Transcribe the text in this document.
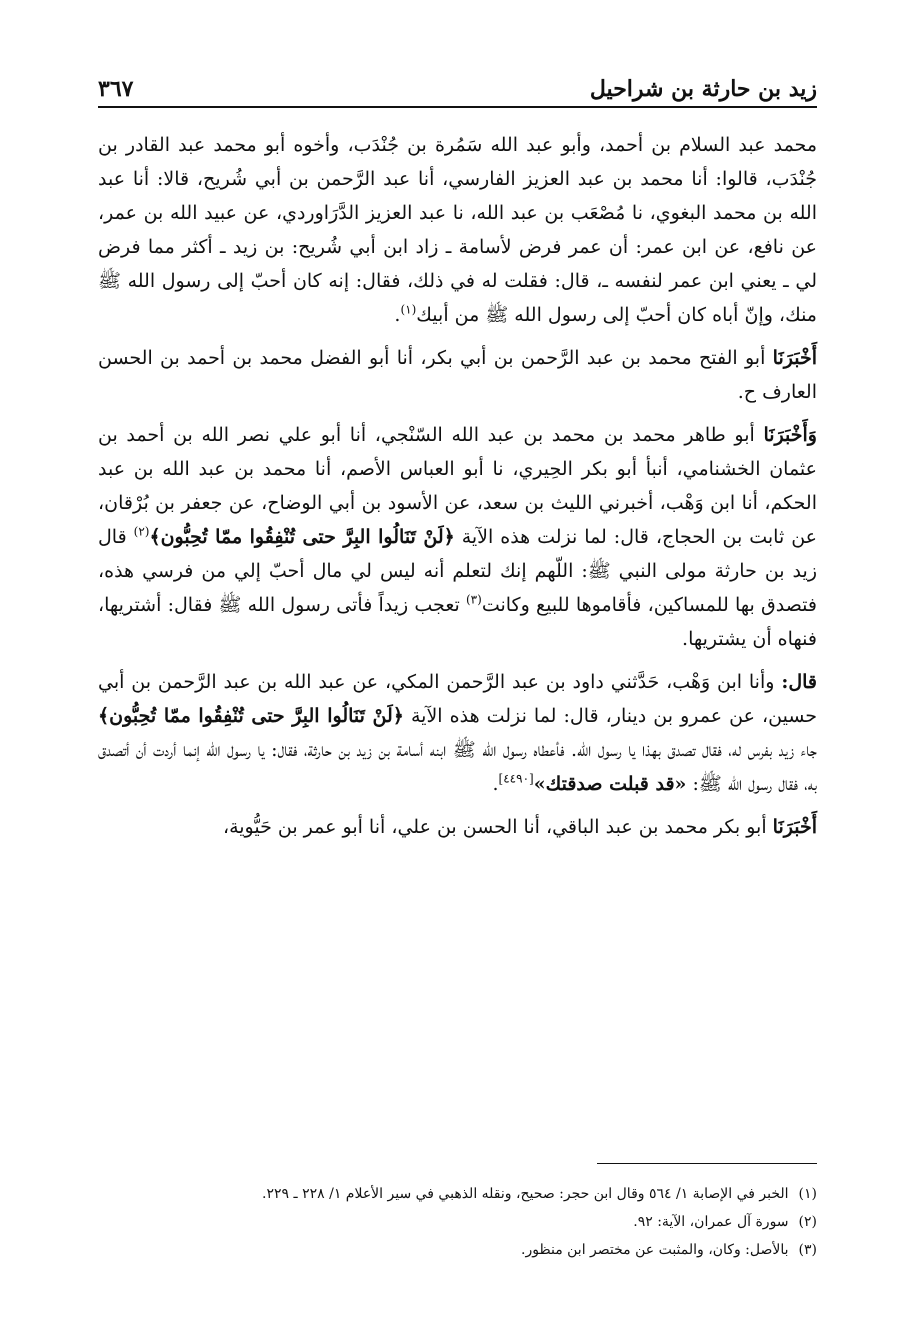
زيد بن حارثة بن شراحيل
٣٦٧

محمد عبد السلام بن أحمد، وأبو عبد الله سَمُرة بن جُنْدَب، وأخوه أبو محمد عبد القادر بن جُنْدَب، قالوا: أنا محمد بن عبد العزيز الفارسي، أنا عبد الرَّحمن بن أبي شُريح، قالا: أنا عبد الله بن محمد البغوي، نا مُصْعَب بن عبد الله، نا عبد العزيز الدَّرَاوردي، عن عبيد الله بن عمر، عن نافع، عن ابن عمر: أن عمر فرض لأسامة ـ زاد ابن أبي شُريح: بن زيد ـ أكثر مما فرض لي ـ يعني ابن عمر لنفسه ـ، قال: فقلت له في ذلك، فقال: إنه كان أحبّ إلى رسول الله ﷺ منك، وإنّ أباه كان أحبّ إلى رسول الله ﷺ من أبيك$^{(١)}$.

أَخْبَرَنَا أبو الفتح محمد بن عبد الرَّحمن بن أبي بكر، أنا أبو الفضل محمد بن أحمد بن الحسن العارف ح.

وَأَخْبَرَنَا أبو طاهر محمد بن محمد بن عبد الله السّنْجي، أنا أبو علي نصر الله بن أحمد بن عثمان الخشنامي، أنبأ أبو بكر الحِيري، نا أبو العباس الأصم، أنا محمد بن عبد الله بن عبد الحكم، أنا ابن وَهْب، أخبرني الليث بن سعد، عن الأسود بن أبي الوضاح، عن جعفر بن بُرْقان، عن ثابت بن الحجاج، قال: لما نزلت هذه الآية ﴿لَنْ تَنَالُوا البِرَّ حتى تُنْفِقُوا ممّا تُحِبُّون﴾$^{(٢)}$ قال زيد بن حارثة مولى النبي ﷺ: اللّهم إنك لتعلم أنه ليس لي مال أحبّ إلي من فرسي هذه، فتصدق بها للمساكين، فأقاموها للبيع وكانت$^{(٣)}$ تعجب زيداً فأتى رسول الله ﷺ فقال: أشتريها، فنهاه أن يشتريها.

قال: وأنا ابن وَهْب، حَدَّثني داود بن عبد الرَّحمن المكي، عن عبد الله بن عبد الرَّحمن بن أبي حسين، عن عمرو بن دينار، قال: لما نزلت هذه الآية ﴿لَنْ تَنَالُوا البِرَّ حتى تُنْفِقُوا ممّا تُحِبُّون﴾ جاء زيد بفرس له، فقال تصدق بهذا يا رسول الله. فأعطاه رسول الله ﷺ ابنه أسامة بن زيد بن حارثة، فقال: يا رسول الله إنما أردت أن أتصدق به، فقال رسول الله ﷺ: «قد قبلت صدقتك»[٤٤٩٠].

أَخْبَرَنَا أبو بكر محمد بن عبد الباقي، أنا الحسن بن علي، أنا أبو عمر بن حَيُّوية،

(١)
الخبر في الإصابة ١/ ٥٦٤ وقال ابن حجر: صحيح، ونقله الذهبي في سير الأعلام ١/ ٢٢٨ ـ ٢٢٩.
(٢)
سورة آل عمران، الآية: ٩٢.
(٣)
بالأصل: وكان، والمثبت عن مختصر ابن منظور.
